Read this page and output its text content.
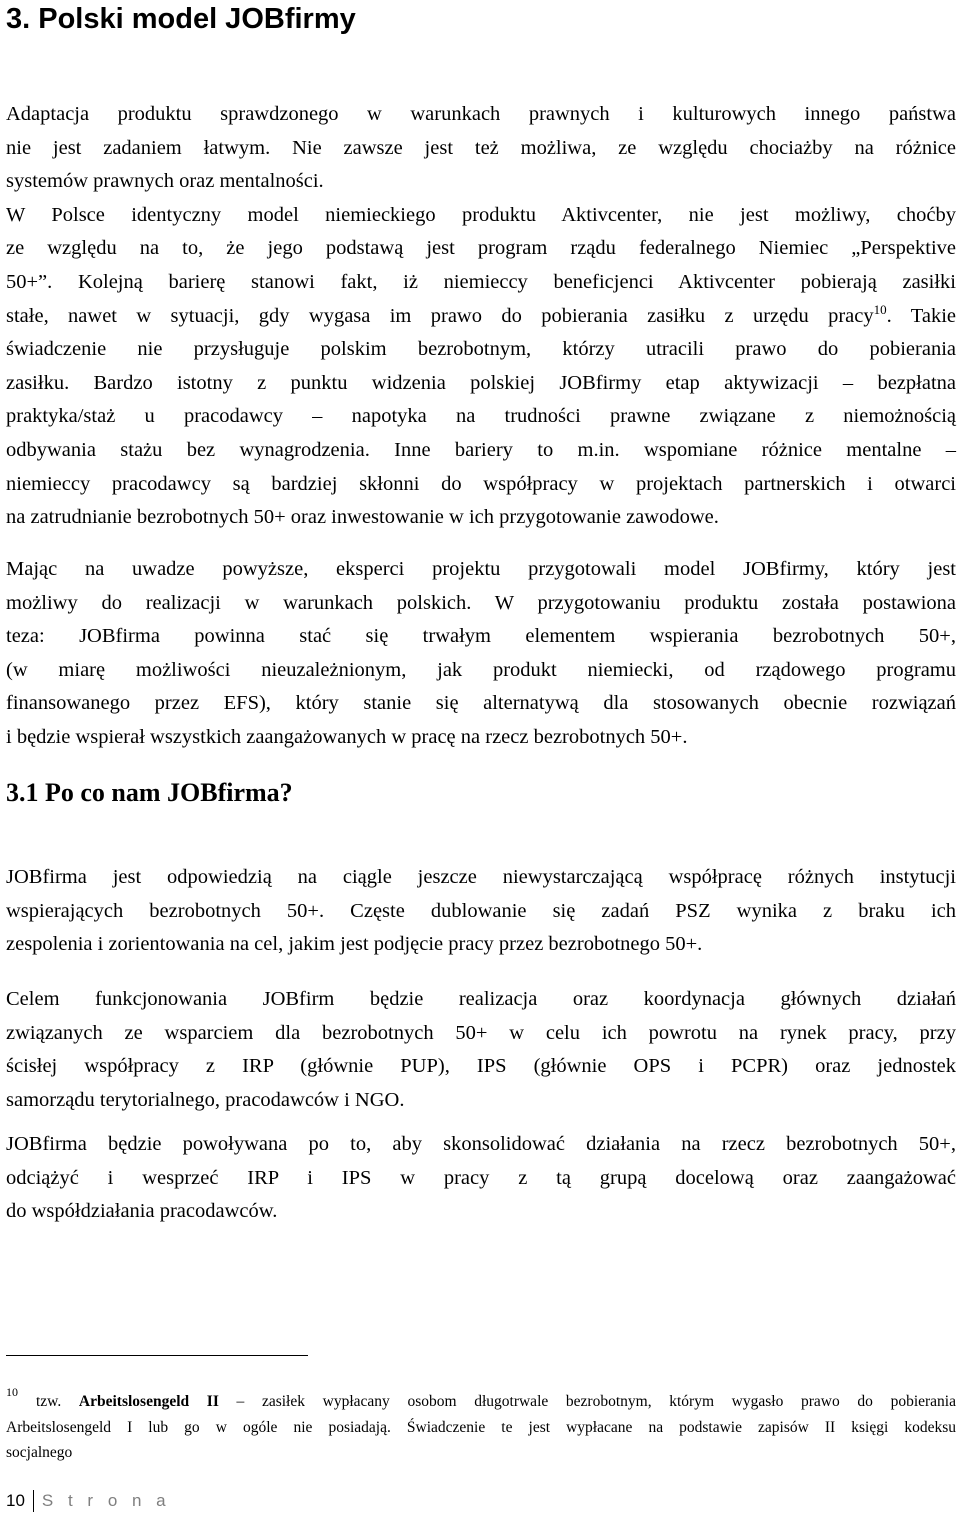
3. Polski model JOBfirmy
Adaptacja produktu sprawdzonego w warunkach prawnych i kulturowych innego państwa
nie jest zadaniem łatwym. Nie zawsze jest też możliwa, ze względu chociażby na różnice
systemów prawnych oraz mentalności.
W Polsce identyczny model niemieckiego produktu Aktivcenter, nie jest możliwy, choćby
ze względu na to, że jego podstawą jest program rządu federalnego Niemiec „Perspektive
50+”. Kolejną barierę stanowi fakt, iż niemieccy beneficjenci Aktivcenter pobierają zasiłki
stałe, nawet w sytuacji, gdy wygasa im prawo do pobierania zasiłku z urzędu pracy$^{10}$. Takie
świadczenie nie przysługuje polskim bezrobotnym, którzy utracili prawo do pobierania
zasiłku. Bardzo istotny z punktu widzenia polskiej JOBfirmy etap aktywizacji – bezpłatna
praktyka/staż u pracodawcy – napotyka na trudności prawne związane z niemożnością
odbywania stażu bez wynagrodzenia. Inne bariery to m.in. wspomiane różnice mentalne –
niemieccy pracodawcy są bardziej skłonni do współpracy w projektach partnerskich i otwarci
na zatrudnianie bezrobotnych 50+ oraz inwestowanie w ich przygotowanie zawodowe.
Mając na uwadze powyższe, eksperci projektu przygotowali model JOBfirmy, który jest
możliwy do realizacji w warunkach polskich. W przygotowaniu produktu została postawiona
teza: JOBfirma powinna stać się trwałym elementem wspierania bezrobotnych 50+,
(w miarę możliwości nieuzależnionym, jak produkt niemiecki, od rządowego programu
finansowanego przez EFS), który stanie się alternatywą dla stosowanych obecnie rozwiązań
i będzie wspierał wszystkich zaangażowanych w pracę na rzecz bezrobotnych 50+.
3.1 Po co nam JOBfirma?
JOBfirma jest odpowiedzią na ciągle jeszcze niewystarczającą współpracę różnych instytucji
wspierających bezrobotnych 50+. Częste dublowanie się zadań PSZ wynika z braku ich
zespolenia i zorientowania na cel, jakim jest podjęcie pracy przez bezrobotnego 50+.
Celem funkcjonowania JOBfirm będzie realizacja oraz koordynacja głównych działań
związanych ze wsparciem dla bezrobotnych 50+ w celu ich powrotu na rynek pracy, przy
ścisłej współpracy z IRP (głównie PUP), IPS (głównie OPS i PCPR) oraz jednostek
samorządu terytorialnego, pracodawców i NGO.
JOBfirma będzie powoływana po to, aby skonsolidować działania na rzecz bezrobotnych 50+,
odciążyć i wesprzeć IRP i IPS w pracy z tą grupą docelową oraz zaangażować
do współdziałania pracodawców.
$^{10}$tzw. Arbeitslosengeld II – zasiłek wypłacany osobom długotrwale bezrobotnym, którym wygasło prawo do pobierania
Arbeitslosengeld I lub go w ogóle nie posiadają. Świadczenie te jest wypłacane na podstawie zapisów II księgi kodeksu
socjalnego
10 S t r o n a
